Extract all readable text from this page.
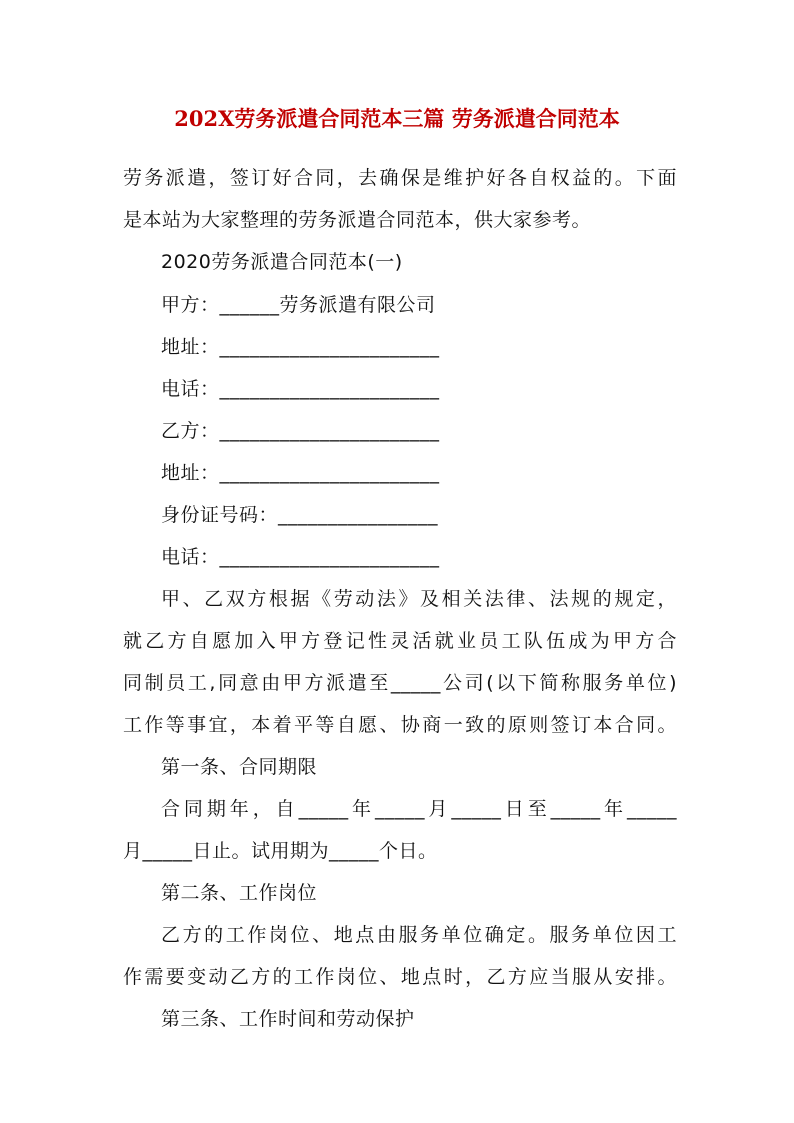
202X劳务派遣合同范本三篇 劳务派遣合同范本
劳务派遣，签订好合同，去确保是维护好各自权益的。下面
是本站为大家整理的劳务派遣合同范本，供大家参考。
2020劳务派遣合同范本(一)
甲方：______劳务派遣有限公司
地址：______________________
电话：______________________
乙方：______________________
地址：______________________
身份证号码：________________
电话：______________________
甲、乙双方根据《劳动法》及相关法律、法规的规定，
就乙方自愿加入甲方登记性灵活就业员工队伍成为甲方合
同制员工,同意由甲方派遣至_____公司(以下简称服务单位)
工作等事宜，本着平等自愿、协商一致的原则签订本合同。
第一条、合同期限
合同期年，自_____年_____月_____日至_____年_____
月_____日止。试用期为_____个日。
第二条、工作岗位
乙方的工作岗位、地点由服务单位确定。服务单位因工
作需要变动乙方的工作岗位、地点时，乙方应当服从安排。
第三条、工作时间和劳动保护
